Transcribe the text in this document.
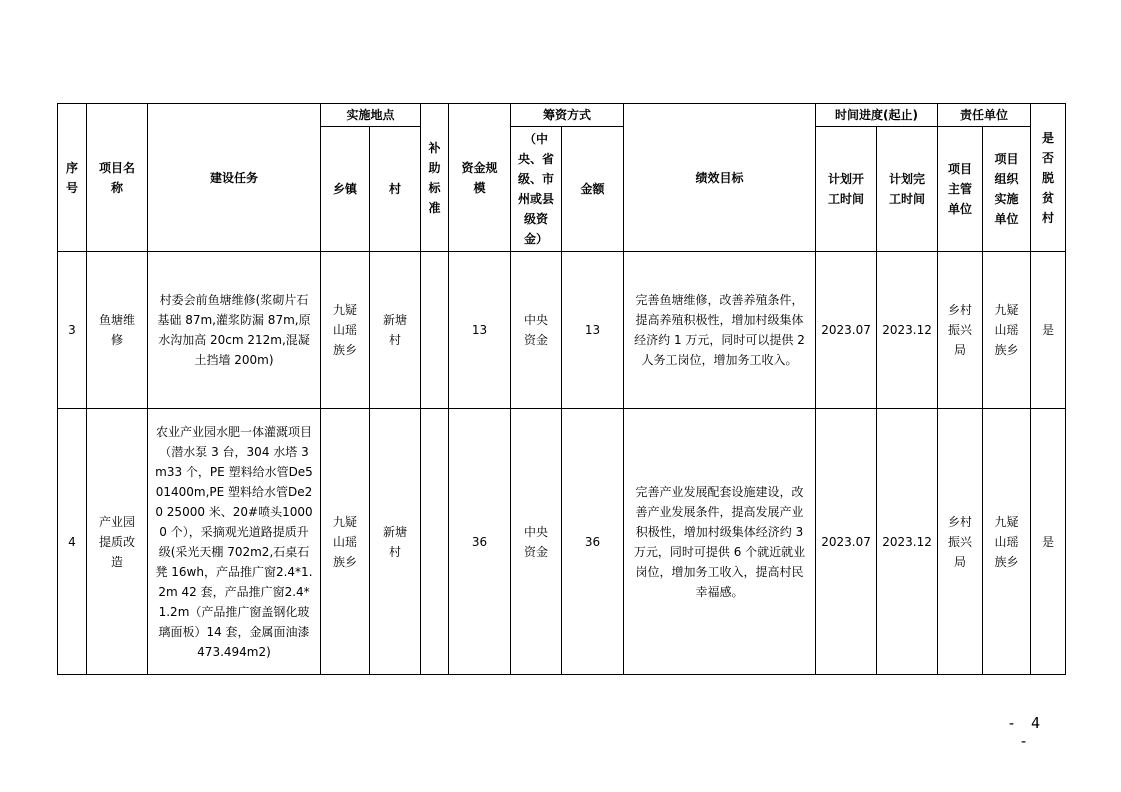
序号	项目名称	建设任务	实施地点		补助标准	资金规模	筹资方式		绩效目标	时间进度(起止)		责任单位		是否脱贫村
			乡镇	村			（中央、省级、市州或县级资金）	金额		计划开工时间	计划完工时间	项目主管单位	项目组织实施单位	
3	鱼塘维修	村委会前鱼塘维修(浆砌片石基础 87m,灌浆防漏 87m,原水沟加高 20cm 212m,混凝土挡墙 200m)	九疑山瑶族乡	新塘村		13	中央资金	13	完善鱼塘维修，改善养殖条件，提高养殖积极性，增加村级集体经济约 1 万元，同时可以提供 2 人务工岗位，增加务工收入。	2023.07	2023.12	乡村振兴局	九疑山瑶族乡	是
4	产业园提质改造	农业产业园水肥一体灌溉项目（潜水泵 3 台，304 水塔 3m33 个，PE 塑料给水管De501400m,PE 塑料给水管De20 25000 米、20#喷头10000 个），采摘观光道路提质升级(采光天棚 702m2,石桌石凳 16wh，产品推广窗2.4*1.2m 42 套，产品推广窗2.4*1.2m（产品推广窗盖钢化玻璃面板）14 套，金属面油漆 473.494m2)	九疑山瑶族乡	新塘村		36	中央资金	36	完善产业发展配套设施建设，改善产业发展条件，提高发展产业积极性，增加村级集体经济约 3 万元，同时可提供 6 个就近就业岗位，增加务工收入，提高村民幸福感。	2023.07	2023.12	乡村振兴局	九疑山瑶族乡	是
- 4 -
